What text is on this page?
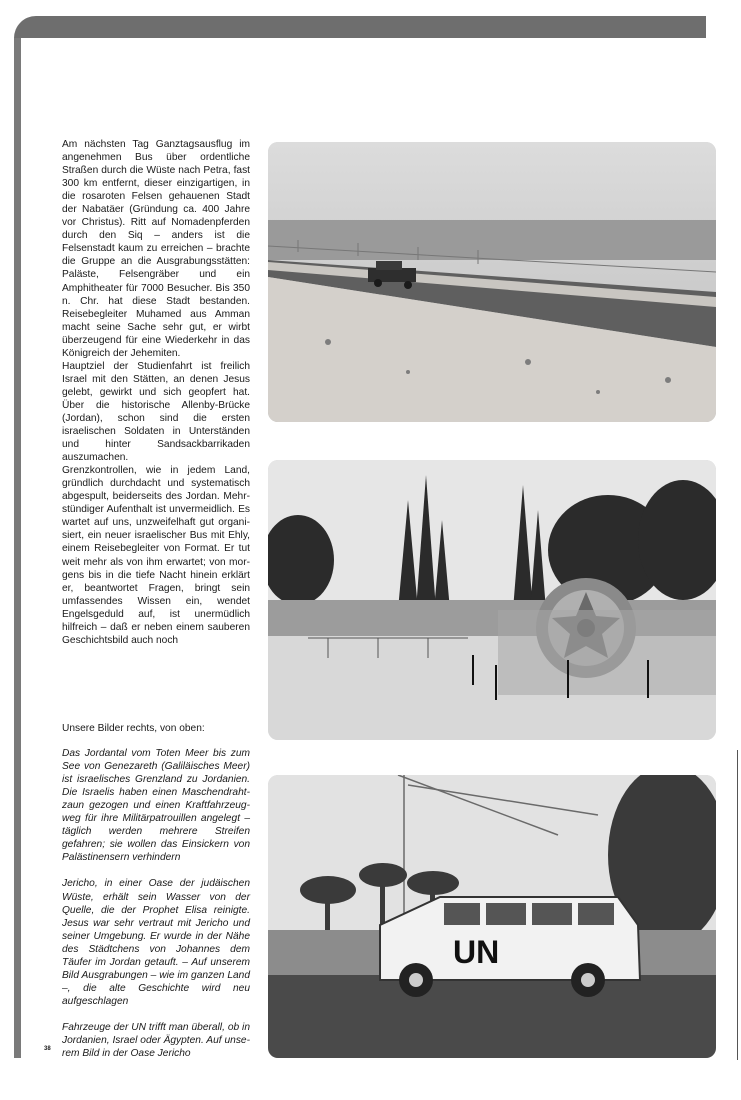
Am nächsten Tag Ganztagsausflug im angenehmen Bus über ordentliche Straßen durch die Wüste nach Petra, fast 300 km entfernt, dieser einzigartigen, in die rosaroten Felsen gehauenen Stadt der Nabatäer (Gründung ca. 400 Jahre vor Christus). Ritt auf Nomadenpferden durch den Siq – anders ist die Felsenstadt kaum zu erreichen – brachte die Gruppe an die Ausgrabungsstätten: Paläste, Felsengräber und ein Amphitheater für 7000 Besucher. Bis 350 n. Chr. hat diese Stadt bestanden. Reisebegleiter Muhamed aus Amman macht seine Sache sehr gut, er wirbt überzeugend für eine Wiederkehr in das Königreich der Jehemiten.

Hauptziel der Studienfahrt ist freilich Israel mit den Stätten, an denen Jesus gelebt, gewirkt und sich geopfert hat. Über die historische Allenby-Brücke (Jordan), schon sind die ersten israelischen Soldaten in Unterständen und hinter Sandsackbarrikaden auszumachen.

Grenzkontrollen, wie in jedem Land, gründlich durchdacht und systematisch abgespult, beiderseits des Jordan. Mehrstündiger Aufenthalt ist unvermeidlich. Es wartet auf uns, unzweifelhaft gut organisiert, ein neuer israelischer Bus mit Ehly, einem Reisebegleiter von Format. Er tut weit mehr als von ihm erwartet; von morgens bis in die tiefe Nacht hinein erklärt er, beantwortet Fragen, bringt sein umfassendes Wissen ein, wendet Engelsgeduld auf, ist unermüdlich hilfreich – daß er neben einem sauberen Geschichtsbild auch noch

Unsere Bilder rechts, von oben:

Das Jordantal vom Toten Meer bis zum See von Genezareth (Galiläisches Meer) ist israelisches Grenzland zu Jordanien. Die Israelis haben einen Maschendrahtzaun gezogen und einen Kraftfahrzeugweg für ihre Militärpatrouillen angelegt – täglich werden mehrere Streifen gefahren; sie wollen das Einsickern von Palästinensern verhindern

Jericho, in einer Oase der judäischen Wüste, erhält sein Wasser von der Quelle, die der Prophet Elisa reinigte. Jesus war sehr vertraut mit Jericho und seiner Umgebung. Er wurde in der Nähe des Städtchens von Johannes dem Täufer im Jordan getauft. – Auf unserem Bild Ausgrabungen – wie im ganzen Land –, die alte Geschichte wird neu aufgeschlagen

Fahrzeuge der UN trifft man überall, ob in Jordanien, Israel oder Ägypten. Auf unserem Bild in der Oase Jericho

38
UN
